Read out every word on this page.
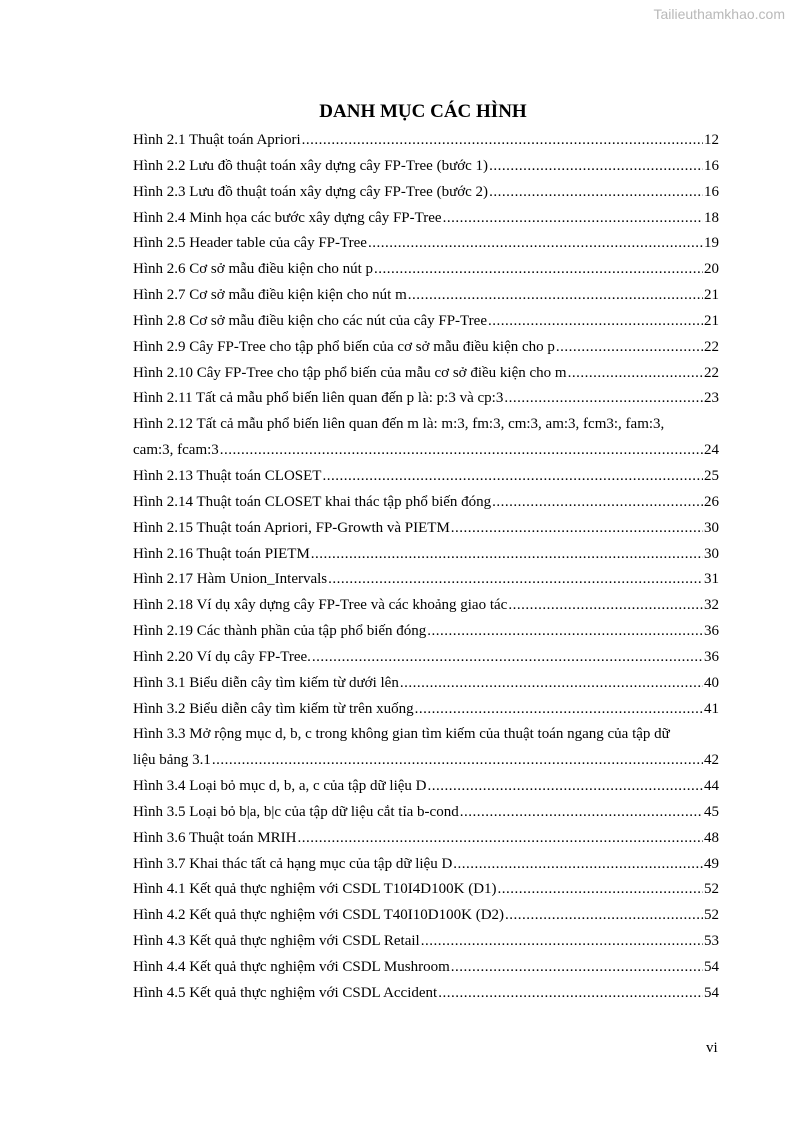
Tailieuthamkhao.com
DANH MỤC CÁC HÌNH
Hình 2.1 Thuật toán Apriori .....	12
Hình 2.2 Lưu đồ thuật toán xây dựng cây FP-Tree (bước 1) .....	16
Hình 2.3 Lưu đồ thuật toán xây dựng cây FP-Tree (bước 2) .....	16
Hình 2.4 Minh họa các bước xây dựng cây FP-Tree .....	18
Hình 2.5 Header table của cây FP-Tree .....	19
Hình 2.6 Cơ sở mẫu điều kiện cho nút p .....	20
Hình 2.7 Cơ sở mẫu điều kiện kiện cho nút m .....	21
Hình 2.8 Cơ sở mẫu điều kiện cho các nút của cây FP-Tree .....	21
Hình 2.9 Cây FP-Tree cho tập phổ biến của cơ sở mẫu điều kiện cho p .....	22
Hình 2.10 Cây FP-Tree cho tập phổ biến của mẫu cơ sở điều kiện cho m .....	22
Hình 2.11 Tất cả mẫu phổ biến liên quan đến p là: p:3 và cp:3 .....	23
Hình 2.12 Tất cả mẫu phổ biến liên quan đến m là: m:3, fm:3, cm:3, am:3, fcm3:, fam:3,
cam:3, fcam:3 .....	24
Hình 2.13 Thuật toán CLOSET .....	25
Hình 2.14 Thuật toán CLOSET khai thác tập phổ biến đóng .....	26
Hình 2.15 Thuật toán Apriori, FP-Growth và PIETM .....	30
Hình 2.16 Thuật toán PIETM .....	30
Hình 2.17 Hàm Union_Intervals .....	31
Hình 2.18 Ví dụ xây dựng cây FP-Tree và các khoảng giao tác .....	32
Hình 2.19 Các thành phần của tập phổ biến đóng .....	36
Hình 2.20 Ví dụ cây FP-Tree. .....	36
Hình 3.1 Biểu diễn cây tìm kiếm từ dưới lên .....	40
Hình 3.2 Biểu diễn cây tìm kiếm từ trên xuống .....	41
Hình 3.3 Mở rộng mục d, b, c trong không gian tìm kiếm của thuật toán ngang của tập dữ
liệu bảng 3.1 .....	42
Hình 3.4 Loại bỏ mục d, b, a, c của tập dữ liệu D .....	44
Hình 3.5 Loại bỏ b|a, b|c của tập dữ liệu cắt tỉa b-cond .....	45
Hình 3.6 Thuật toán MRIH .....	48
Hình 3.7 Khai thác tất cả hạng mục của tập dữ liệu D .....	49
Hình 4.1 Kết quả thực nghiệm với CSDL T10I4D100K (D1) .....	52
Hình 4.2 Kết quả thực nghiệm với CSDL T40I10D100K (D2) .....	52
Hình 4.3 Kết quả thực nghiệm với CSDL Retail .....	53
Hình 4.4 Kết quả thực nghiệm với CSDL Mushroom .....	54
Hình 4.5 Kết quả thực nghiệm với CSDL Accident .....	54
vi
